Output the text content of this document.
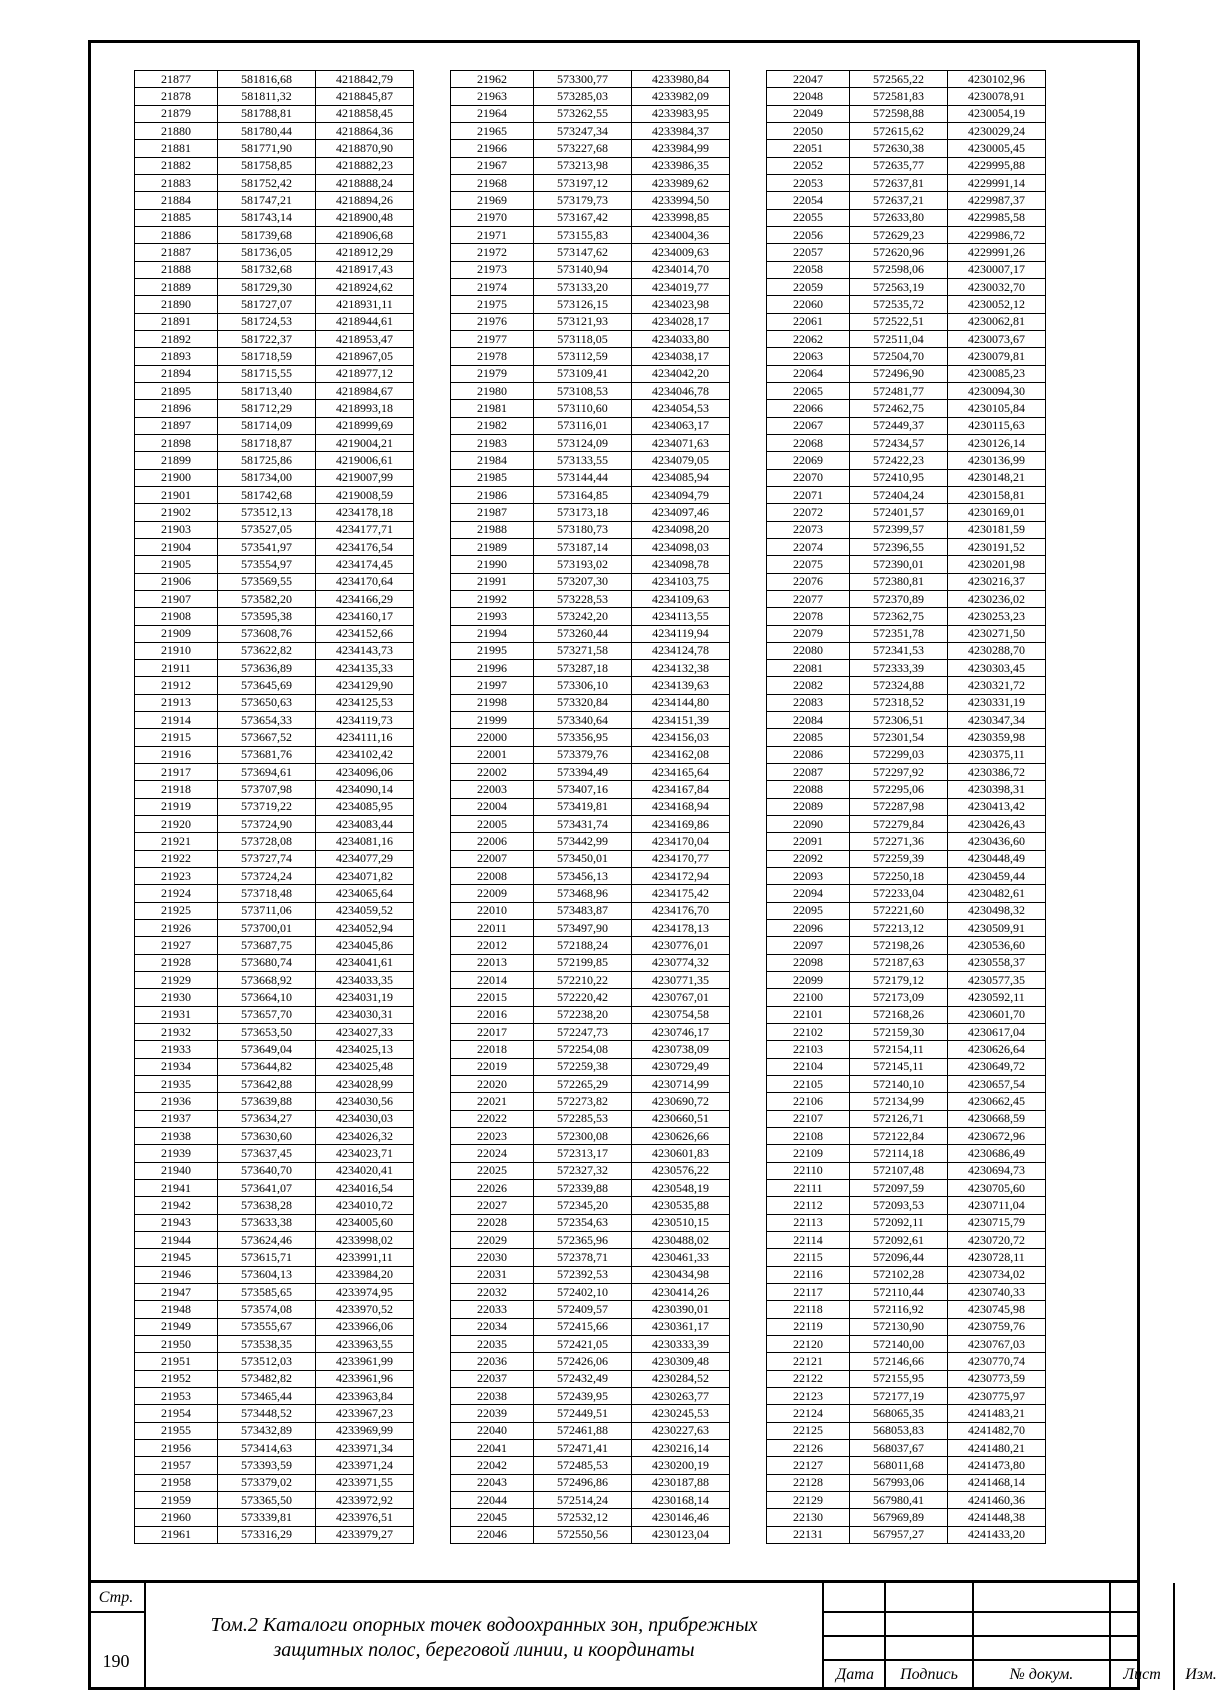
21877	581816,68	4218842,79
21878	581811,32	4218845,87
21879	581788,81	4218858,45
21880	581780,44	4218864,36
21881	581771,90	4218870,90
21882	581758,85	4218882,23
21883	581752,42	4218888,24
21884	581747,21	4218894,26
21885	581743,14	4218900,48
21886	581739,68	4218906,68
21887	581736,05	4218912,29
21888	581732,68	4218917,43
21889	581729,30	4218924,62
21890	581727,07	4218931,11
21891	581724,53	4218944,61
21892	581722,37	4218953,47
21893	581718,59	4218967,05
21894	581715,55	4218977,12
21895	581713,40	4218984,67
21896	581712,29	4218993,18
21897	581714,09	4218999,69
21898	581718,87	4219004,21
21899	581725,86	4219006,61
21900	581734,00	4219007,99
21901	581742,68	4219008,59
21902	573512,13	4234178,18
21903	573527,05	4234177,71
21904	573541,97	4234176,54
21905	573554,97	4234174,45
21906	573569,55	4234170,64
21907	573582,20	4234166,29
21908	573595,38	4234160,17
21909	573608,76	4234152,66
21910	573622,82	4234143,73
21911	573636,89	4234135,33
21912	573645,69	4234129,90
21913	573650,63	4234125,53
21914	573654,33	4234119,73
21915	573667,52	4234111,16
21916	573681,76	4234102,42
21917	573694,61	4234096,06
21918	573707,98	4234090,14
21919	573719,22	4234085,95
21920	573724,90	4234083,44
21921	573728,08	4234081,16
21922	573727,74	4234077,29
21923	573724,24	4234071,82
21924	573718,48	4234065,64
21925	573711,06	4234059,52
21926	573700,01	4234052,94
21927	573687,75	4234045,86
21928	573680,74	4234041,61
21929	573668,92	4234033,35
21930	573664,10	4234031,19
21931	573657,70	4234030,31
21932	573653,50	4234027,33
21933	573649,04	4234025,13
21934	573644,82	4234025,48
21935	573642,88	4234028,99
21936	573639,88	4234030,56
21937	573634,27	4234030,03
21938	573630,60	4234026,32
21939	573637,45	4234023,71
21940	573640,70	4234020,41
21941	573641,07	4234016,54
21942	573638,28	4234010,72
21943	573633,38	4234005,60
21944	573624,46	4233998,02
21945	573615,71	4233991,11
21946	573604,13	4233984,20
21947	573585,65	4233974,95
21948	573574,08	4233970,52
21949	573555,67	4233966,06
21950	573538,35	4233963,55
21951	573512,03	4233961,99
21952	573482,82	4233961,96
21953	573465,44	4233963,84
21954	573448,52	4233967,23
21955	573432,89	4233969,99
21956	573414,63	4233971,34
21957	573393,59	4233971,24
21958	573379,02	4233971,55
21959	573365,50	4233972,92
21960	573339,81	4233976,51
21961	573316,29	4233979,27
21962	573300,77	4233980,84
21963	573285,03	4233982,09
21964	573262,55	4233983,95
21965	573247,34	4233984,37
21966	573227,68	4233984,99
21967	573213,98	4233986,35
21968	573197,12	4233989,62
21969	573179,73	4233994,50
21970	573167,42	4233998,85
21971	573155,83	4234004,36
21972	573147,62	4234009,63
21973	573140,94	4234014,70
21974	573133,20	4234019,77
21975	573126,15	4234023,98
21976	573121,93	4234028,17
21977	573118,05	4234033,80
21978	573112,59	4234038,17
21979	573109,41	4234042,20
21980	573108,53	4234046,78
21981	573110,60	4234054,53
21982	573116,01	4234063,17
21983	573124,09	4234071,63
21984	573133,55	4234079,05
21985	573144,44	4234085,94
21986	573164,85	4234094,79
21987	573173,18	4234097,46
21988	573180,73	4234098,20
21989	573187,14	4234098,03
21990	573193,02	4234098,78
21991	573207,30	4234103,75
21992	573228,53	4234109,63
21993	573242,20	4234113,55
21994	573260,44	4234119,94
21995	573271,58	4234124,78
21996	573287,18	4234132,38
21997	573306,10	4234139,63
21998	573320,84	4234144,80
21999	573340,64	4234151,39
22000	573356,95	4234156,03
22001	573379,76	4234162,08
22002	573394,49	4234165,64
22003	573407,16	4234167,84
22004	573419,81	4234168,94
22005	573431,74	4234169,86
22006	573442,99	4234170,04
22007	573450,01	4234170,77
22008	573456,13	4234172,94
22009	573468,96	4234175,42
22010	573483,87	4234176,70
22011	573497,90	4234178,13
22012	572188,24	4230776,01
22013	572199,85	4230774,32
22014	572210,22	4230771,35
22015	572220,42	4230767,01
22016	572238,20	4230754,58
22017	572247,73	4230746,17
22018	572254,08	4230738,09
22019	572259,38	4230729,49
22020	572265,29	4230714,99
22021	572273,82	4230690,72
22022	572285,53	4230660,51
22023	572300,08	4230626,66
22024	572313,17	4230601,83
22025	572327,32	4230576,22
22026	572339,88	4230548,19
22027	572345,20	4230535,88
22028	572354,63	4230510,15
22029	572365,96	4230488,02
22030	572378,71	4230461,33
22031	572392,53	4230434,98
22032	572402,10	4230414,26
22033	572409,57	4230390,01
22034	572415,66	4230361,17
22035	572421,05	4230333,39
22036	572426,06	4230309,48
22037	572432,49	4230284,52
22038	572439,95	4230263,77
22039	572449,51	4230245,53
22040	572461,88	4230227,63
22041	572471,41	4230216,14
22042	572485,53	4230200,19
22043	572496,86	4230187,88
22044	572514,24	4230168,14
22045	572532,12	4230146,46
22046	572550,56	4230123,04
22047	572565,22	4230102,96
22048	572581,83	4230078,91
22049	572598,88	4230054,19
22050	572615,62	4230029,24
22051	572630,38	4230005,45
22052	572635,77	4229995,88
22053	572637,81	4229991,14
22054	572637,21	4229987,37
22055	572633,80	4229985,58
22056	572629,23	4229986,72
22057	572620,96	4229991,26
22058	572598,06	4230007,17
22059	572563,19	4230032,70
22060	572535,72	4230052,12
22061	572522,51	4230062,81
22062	572511,04	4230073,67
22063	572504,70	4230079,81
22064	572496,90	4230085,23
22065	572481,77	4230094,30
22066	572462,75	4230105,84
22067	572449,37	4230115,63
22068	572434,57	4230126,14
22069	572422,23	4230136,99
22070	572410,95	4230148,21
22071	572404,24	4230158,81
22072	572401,57	4230169,01
22073	572399,57	4230181,59
22074	572396,55	4230191,52
22075	572390,01	4230201,98
22076	572380,81	4230216,37
22077	572370,89	4230236,02
22078	572362,75	4230253,23
22079	572351,78	4230271,50
22080	572341,53	4230288,70
22081	572333,39	4230303,45
22082	572324,88	4230321,72
22083	572318,52	4230331,19
22084	572306,51	4230347,34
22085	572301,54	4230359,98
22086	572299,03	4230375,11
22087	572297,92	4230386,72
22088	572295,06	4230398,31
22089	572287,98	4230413,42
22090	572279,84	4230426,43
22091	572271,36	4230436,60
22092	572259,39	4230448,49
22093	572250,18	4230459,44
22094	572233,04	4230482,61
22095	572221,60	4230498,32
22096	572213,12	4230509,91
22097	572198,26	4230536,60
22098	572187,63	4230558,37
22099	572179,12	4230577,35
22100	572173,09	4230592,11
22101	572168,26	4230601,70
22102	572159,30	4230617,04
22103	572154,11	4230626,64
22104	572145,11	4230649,72
22105	572140,10	4230657,54
22106	572134,99	4230662,45
22107	572126,71	4230668,59
22108	572122,84	4230672,96
22109	572114,18	4230686,49
22110	572107,48	4230694,73
22111	572097,59	4230705,60
22112	572093,53	4230711,04
22113	572092,11	4230715,79
22114	572092,61	4230720,72
22115	572096,44	4230728,11
22116	572102,28	4230734,02
22117	572110,44	4230740,33
22118	572116,92	4230745,98
22119	572130,90	4230759,76
22120	572140,00	4230767,03
22121	572146,66	4230770,74
22122	572155,95	4230773,59
22123	572177,19	4230775,97
22124	568065,35	4241483,21
22125	568053,83	4241482,70
22126	568037,67	4241480,21
22127	568011,68	4241473,80
22128	567993,06	4241468,14
22129	567980,41	4241460,36
22130	567969,89	4241448,38
22131	567957,27	4241433,20
Стр.
190
Том.2 Каталоги опорных точек водоохранных зон, прибрежных
защитных полос, береговой линии, и координаты
Дата	Подпись	№ докум.	Лист	Изм.
